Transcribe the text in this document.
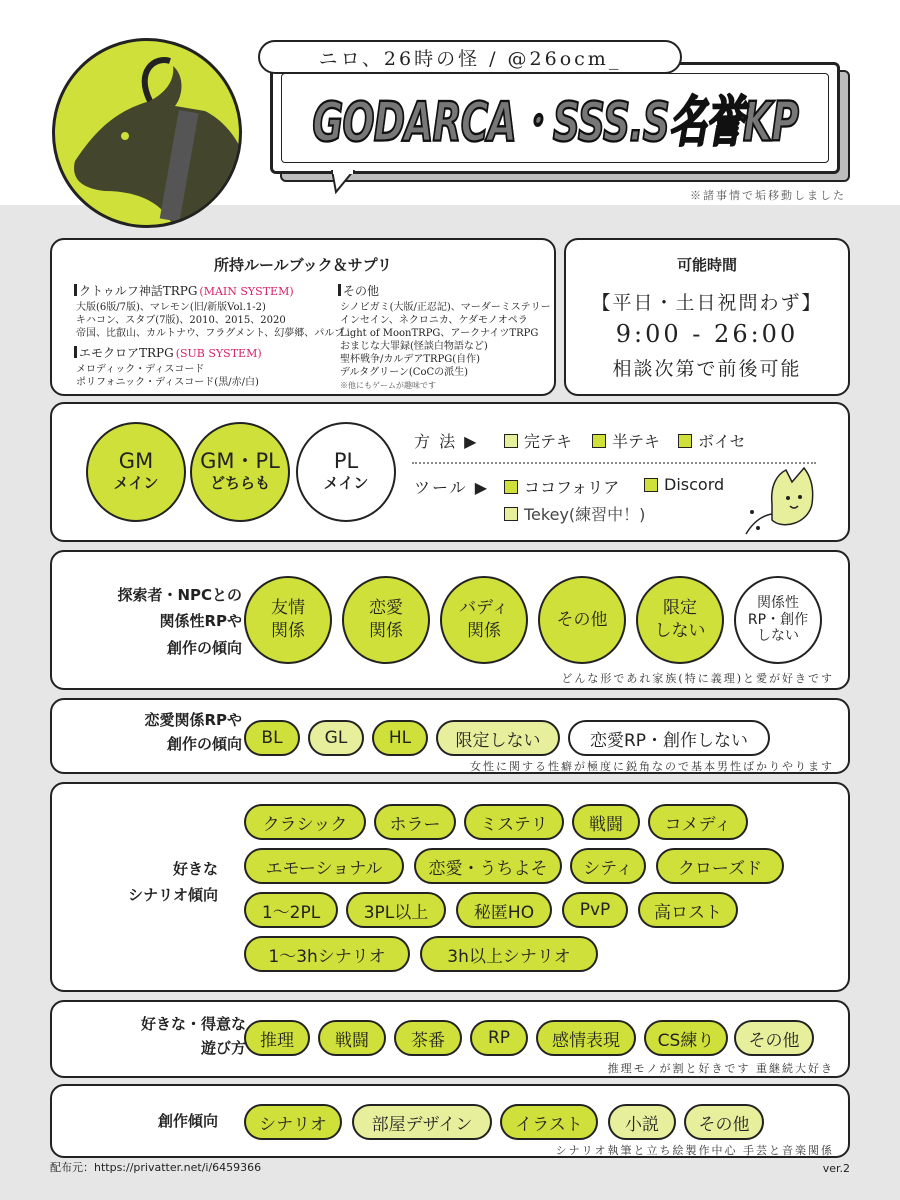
ニロ、26時の怪 / @26ocm_
GODARCA・SSS.S名誉KP
※諸事情で垢移動しました
所持ルールブック＆サプリ
クトゥルフ神話TRPG (MAIN SYSTEM)
大版(6版/7版)、マレモン(旧/新版Vol.1-2)
キハコン、スタブ(7版)、2010、2015、2020
帝国、比叡山、カルトナウ、フラグメント、幻夢郷、パルプ
エモクロアTRPG (SUB SYSTEM)
メロディック・ディスコード
ポリフォニック・ディスコード(黒/赤/白)
その他
シノビガミ(大版/正忍記)、マーダーミステリー
インセイン、ネクロニカ、ケダモノオペラ
Light of MoonTRPG、アークナイツTRPG
おまじな大罪録(怪談白物語など)
聖杯戦争/カルデアTRPG(自作)
デルタグリーン(CoCの派生)
※他にもゲームが趣味です
可能時間
【平日・土日祝問わず】
9:00 - 26:00
相談次第で前後可能
GM
メイン
GM・PL
どちらも
PL
メイン
方 法 ▶	完テキ 半テキ ボイセ
ツール ▶ ココフォリア	Discord
Tekey(練習中！)
探索者・NPCとの
関係性RPや
創作の傾向
友情
関係
恋愛
関係
バディ
関係
その他
限定
しない
関係性
RP・創作
しない
どんな形であれ家族(特に義理)と愛が好きです
恋愛関係RPや
創作の傾向	BL	GL	HL	限定しない	恋愛RP・創作しない
女性に関する性癖が極度に鋭角なので基本男性ばかりやります
好きな
シナリオ傾向
クラシック	ホラー	ミステリ	戦闘	コメディ
エモーショナル	恋愛・うちよそ	シティ	クローズド
1〜2PL	3PL以上	秘匿HO	PvP	高ロスト
1〜3hシナリオ	3h以上シナリオ
好きな・得意な
遊び方 推理	戦闘	茶番	RP	感情表現	CS練り	その他
推理モノが割と好きです 重継続大好き
創作傾向	シナリオ	部屋デザイン	イラスト	小説	その他
シナリオ執筆と立ち絵製作中心 手芸と音楽関係
配布元：https://privatter.net/i/6459366	ver.2
